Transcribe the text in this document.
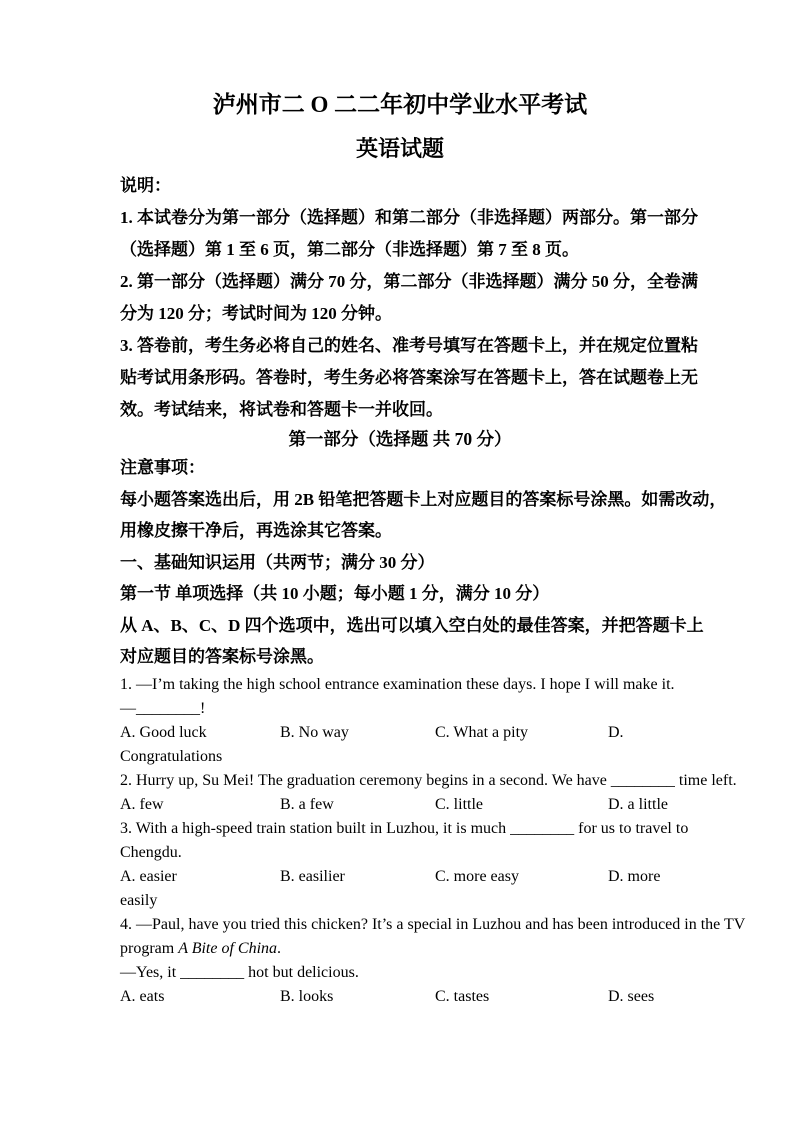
泸州市二 O 二二年初中学业水平考试
英语试题
说明：
1. 本试卷分为第一部分（选择题）和第二部分（非选择题）两部分。第一部分
（选择题）第 1 至 6 页，第二部分（非选择题）第 7 至 8 页。
2. 第一部分（选择题）满分 70 分，第二部分（非选择题）满分 50 分，全卷满
分为 120 分；考试时间为 120 分钟。
3. 答卷前，考生务必将自己的姓名、准考号填写在答题卡上，并在规定位置粘
贴考试用条形码。答卷时，考生务必将答案涂写在答题卡上，答在试题卷上无
效。考试结来，将试卷和答题卡一并收回。
第一部分（选择题 共 70 分）
注意事项：
每小题答案选出后，用 2B 铅笔把答题卡上对应题目的答案标号涂黑。如需改动，
用橡皮擦干净后，再选涂其它答案。
一、基础知识运用（共两节；满分 30 分）
第一节 单项选择（共 10 小题；每小题 1 分，满分 10 分）
从 A、B、C、D 四个选项中，选出可以填入空白处的最佳答案，并把答题卡上
对应题目的答案标号涂黑。
1. —I’m taking the high school entrance examination these days. I hope I will make it.
—________!
A. Good luck	B. No way	C. What a pity	D.
Congratulations
2. Hurry up, Su Mei! The graduation ceremony begins in a second. We have ________ time left.
A. few	B. a few	C. little	D. a little
3. With a high-speed train station built in Luzhou, it is much ________ for us to travel to
Chengdu.
A. easier	B. easilier	C. more easy	D. more
easily
4. —Paul, have you tried this chicken? It’s a special in Luzhou and has been introduced in the TV
program A Bite of China.
—Yes, it ________ hot but delicious.
A. eats	B. looks	C. tastes	D. sees
